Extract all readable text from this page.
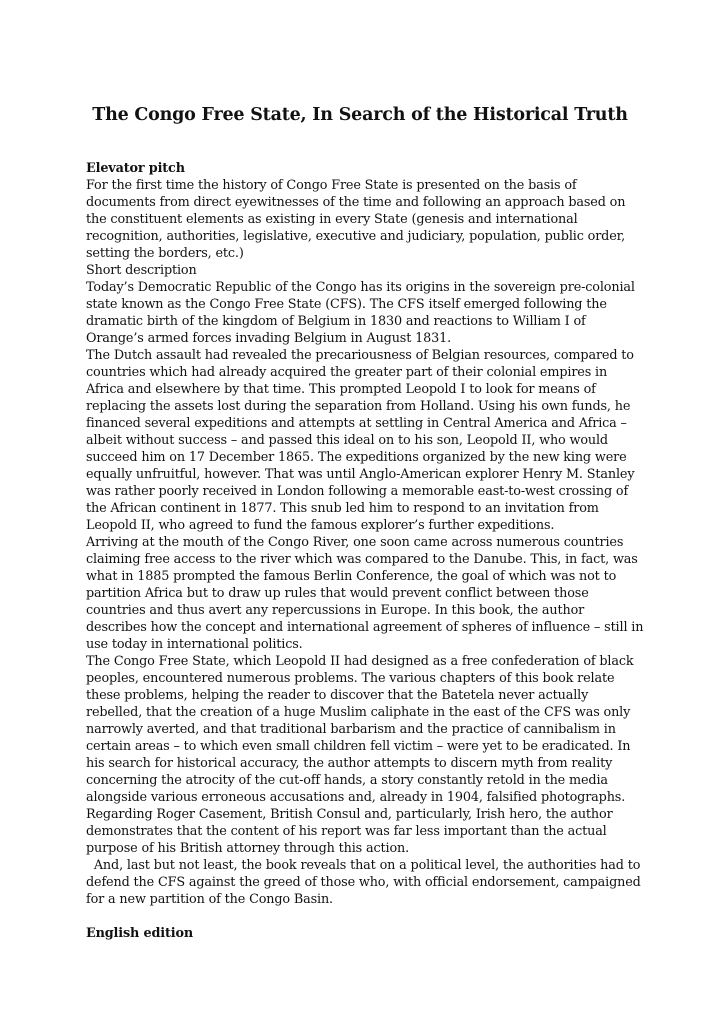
The Congo Free State, In Search of the Historical Truth

Elevator pitch

For the first time the history of Congo Free State is presented on the basis of documents from direct eyewitnesses of the time and following an approach based on the constituent elements as existing in every State (genesis and international recognition, authorities, legislative, executive and judiciary, population, public order, setting the borders, etc.)

Short description

Today’s Democratic Republic of the Congo has its origins in the sovereign pre-colonial state known as the Congo Free State (CFS). The CFS itself emerged following the dramatic birth of the kingdom of Belgium in 1830 and reactions to William I of Orange’s armed forces invading Belgium in August 1831.

The Dutch assault had revealed the precariousness of Belgian resources, compared to countries which had already acquired the greater part of their colonial empires in Africa and elsewhere by that time. This prompted Leopold I to look for means of replacing the assets lost during the separation from Holland. Using his own funds, he financed several expeditions and attempts at settling in Central America and Africa – albeit without success – and passed this ideal on to his son, Leopold II, who would succeed him on 17 December 1865. The expeditions organized by the new king were equally unfruitful, however. That was until Anglo-American explorer Henry M. Stanley was rather poorly received in London following a memorable east-to-west crossing of the African continent in 1877. This snub led him to respond to an invitation from Leopold II, who agreed to fund the famous explorer’s further expeditions.

Arriving at the mouth of the Congo River, one soon came across numerous countries claiming free access to the river which was compared to the Danube. This, in fact, was what in 1885 prompted the famous Berlin Conference, the goal of which was not to partition Africa but to draw up rules that would prevent conflict between those countries and thus avert any repercussions in Europe. In this book, the author describes how the concept and international agreement of spheres of influence – still in use today in international politics.

The Congo Free State, which Leopold II had designed as a free confederation of black peoples, encountered numerous problems. The various chapters of this book relate these problems, helping the reader to discover that the Batetela never actually rebelled, that the creation of a huge Muslim caliphate in the east of the CFS was only narrowly averted, and that traditional barbarism and the practice of cannibalism in certain areas – to which even small children fell victim – were yet to be eradicated. In his search for historical accuracy, the author attempts to discern myth from reality concerning the atrocity of the cut-off hands, a story constantly retold in the media alongside various erroneous accusations and, already in 1904, falsified photographs. Regarding Roger Casement, British Consul and, particularly, Irish hero, the author demonstrates that the content of his report was far less important than the actual purpose of his British attorney through this action.

And, last but not least, the book reveals that on a political level, the authorities had to defend the CFS against the greed of those who, with official endorsement, campaigned for a new partition of the Congo Basin.

English edition
